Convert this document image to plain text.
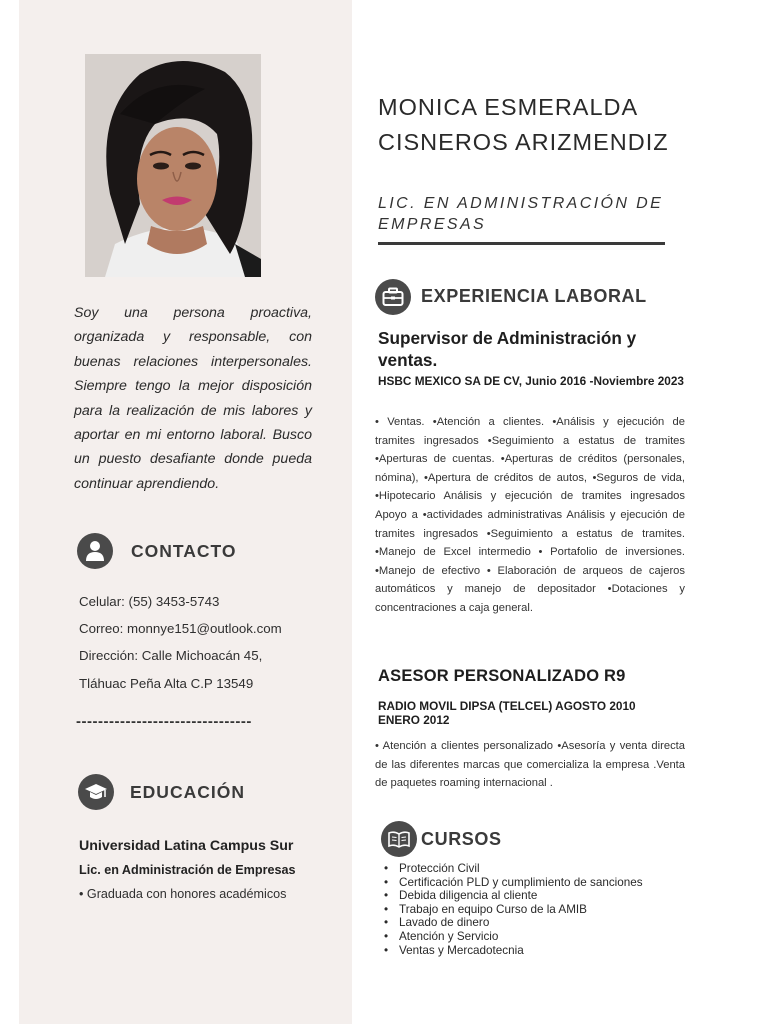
Soy una persona proactiva, organizada y responsable, con buenas relaciones interpersonales. Siempre tengo la mejor disposición para la realización de mis labores y aportar en mi entorno laboral. Busco un puesto desafiante donde pueda continuar aprendiendo.

CONTACTO
Celular: (55) 3453-5743
Correo: monnye151@outlook.com
Dirección: Calle Michoacán 45,
Tláhuac Peña Alta C.P 13549
--------------------------------
EDUCACIÓN
Universidad Latina Campus Sur
Lic. en Administración de Empresas
• Graduada con honores académicos
MONICA ESMERALDA
CISNEROS ARIZMENDIZ
LIC. EN ADMINISTRACIÓN DE EMPRESAS
EXPERIENCIA LABORAL
Supervisor de Administración y ventas.
HSBC MEXICO SA DE CV, Junio 2016 -Noviembre 2023

• Ventas. •Atención a clientes. •Análisis y ejecución de tramites ingresados •Seguimiento a estatus de tramites •Aperturas de cuentas. •Aperturas de créditos (personales, nómina), •Apertura de créditos de autos, •Seguros de vida, •Hipotecario Análisis y ejecución de tramites ingresados Apoyo a •actividades administrativas Análisis y ejecución de tramites ingresados •Seguimiento a estatus de tramites. •Manejo de Excel intermedio • Portafolio de inversiones. •Manejo de efectivo • Elaboración de arqueos de cajeros automáticos y manejo de depositador •Dotaciones y concentraciones a caja general.

ASESOR PERSONALIZADO R9
RADIO MOVIL DIPSA (TELCEL) AGOSTO 2010 ENERO 2012

• Atención a clientes personalizado •Asesoría y venta directa de las diferentes marcas que comercializa la empresa .Venta de paquetes roaming internacional .

CURSOS
• Protección Civil
• Certificación PLD y cumplimiento de sanciones
• Debida diligencia al cliente
• Trabajo en equipo Curso de la AMIB
• Lavado de dinero
• Atención y Servicio
• Ventas y Mercadotecnia
